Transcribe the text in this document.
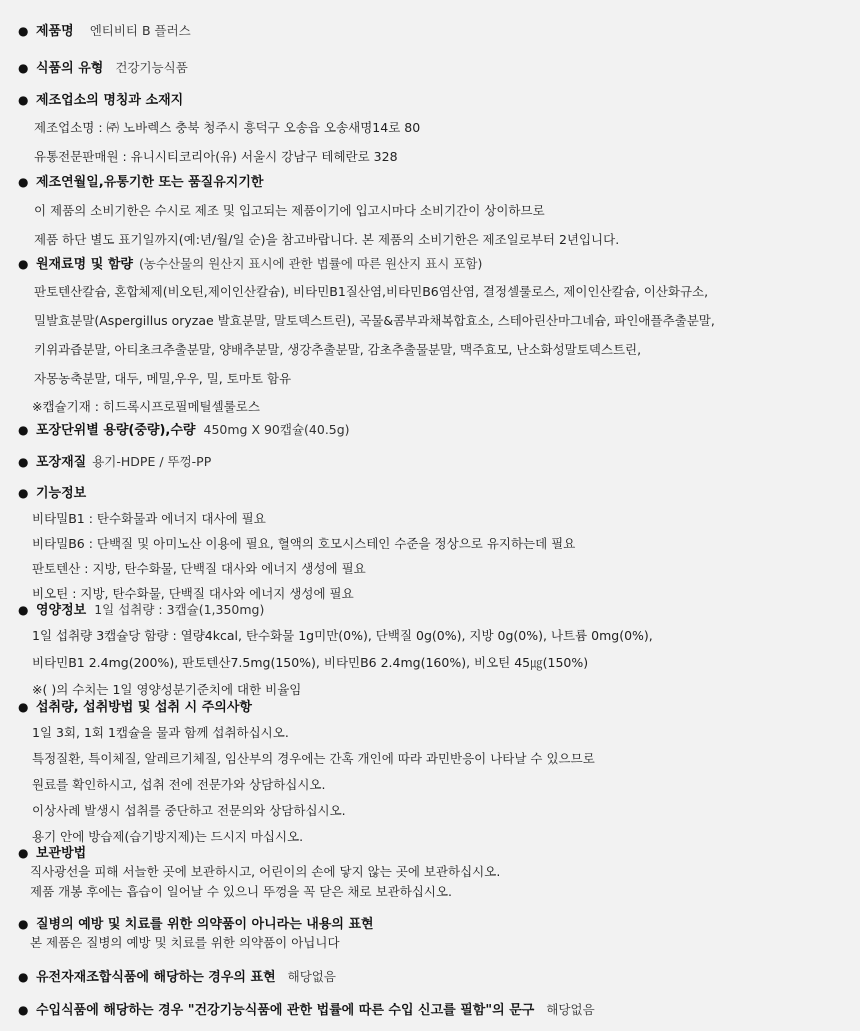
● 제품명 엔티비티 B 플러스
● 식품의 유형 건강기능식품
● 제조업소의 명칭과 소재지
제조업소명 : ㈜ 노바렉스 충북 청주시 흥덕구 오송읍 오송새명14로 80
유통전문판매원 : 유니시티코리아(유) 서울시 강남구 테헤란로 328
● 제조연월일,유통기한 또는 품질유지기한
이 제품의 소비기한은 수시로 제조 및 입고되는 제품이기에 입고시마다 소비기간이 상이하므로
제품 하단 별도 표기일까지(예:년/월/일 순)을 참고바랍니다. 본 제품의 소비기한은 제조일로부터 2년입니다.
● 원재료명 및 함량 (농수산물의 원산지 표시에 관한 법률에 따른 원산지 표시 포함)
판토텐산칼슘, 혼합체제(비오틴,제이인산칼슘), 비타민B1질산염,비타민B6염산염, 결정셀룰로스, 제이인산칼슘, 이산화규소,
밀발효분말(Aspergillus oryzae 발효분말, 말토덱스트린), 곡물&콤부과채복합효소, 스테아린산마그네슘, 파인애플추출분말,
키위과즙분말, 아티초크추출분말, 양배추분말, 생강추출분말, 감초추출물분말, 맥주효모, 난소화성말토덱스트린,
자몽농축분말, 대두, 메밀,우우, 밀, 토마토 함유
※캡슐기재 : 히드록시프로필메틸셀룰로스
● 포장단위별 용량(중량),수량 450mg X 90캡슐(40.5g)
● 포장재질 용기-HDPE / 뚜껑-PP
● 기능정보
비타밀B1 : 탄수화물과 에너지 대사에 필요
비타밀B6 : 단백질 및 아미노산 이용에 필요, 혈액의 호모시스테인 수준을 정상으로 유지하는데 필요
판토텐산 : 지방, 탄수화물, 단백질 대사와 에너지 생성에 필요
비오틴 : 지방, 탄수화물, 단백질 대사와 에너지 생성에 필요
● 영양정보 1일 섭취량 : 3캡슐(1,350mg)
1일 섭취량 3캡슐당 함량 : 열량4kcal, 탄수화물 1g미만(0%), 단백질 0g(0%), 지방 0g(0%), 나트륨 0mg(0%),
비타민B1 2.4mg(200%), 판토텐산7.5mg(150%), 비타민B6 2.4mg(160%), 비오틴 45㎍(150%)
※( )의 수치는 1일 영양성분기준치에 대한 비율임
● 섭취량, 섭취방법 및 섭취 시 주의사항
1일 3회, 1회 1캡슐을 물과 함께 섭취하십시오.
특정질환, 특이체질, 알레르기체질, 임산부의 경우에는 간혹 개인에 따라 과민반응이 나타날 수 있으므로
원료를 확인하시고, 섭취 전에 전문가와 상담하십시오.
이상사례 발생시 섭취를 중단하고 전문의와 상담하십시오.
용기 안에 방습제(습기방지제)는 드시지 마십시오.
● 보관방법
직사광선을 피해 서늘한 곳에 보관하시고, 어린이의 손에 닿지 않는 곳에 보관하십시오.
제품 개봉 후에는 흡습이 일어날 수 있으니 뚜껑을 꼭 닫은 채로 보관하십시오.
● 질병의 예방 및 치료를 위한 의약품이 아니라는 내용의 표현
본 제품은 질병의 예방 및 치료를 위한 의약품이 아닙니다
● 유전자재조합식품에 해당하는 경우의 표현 해당없음
● 수입식품에 해당하는 경우 "건강기능식품에 관한 법률에 따른 수입 신고를 필함"의 문구 해당없음
